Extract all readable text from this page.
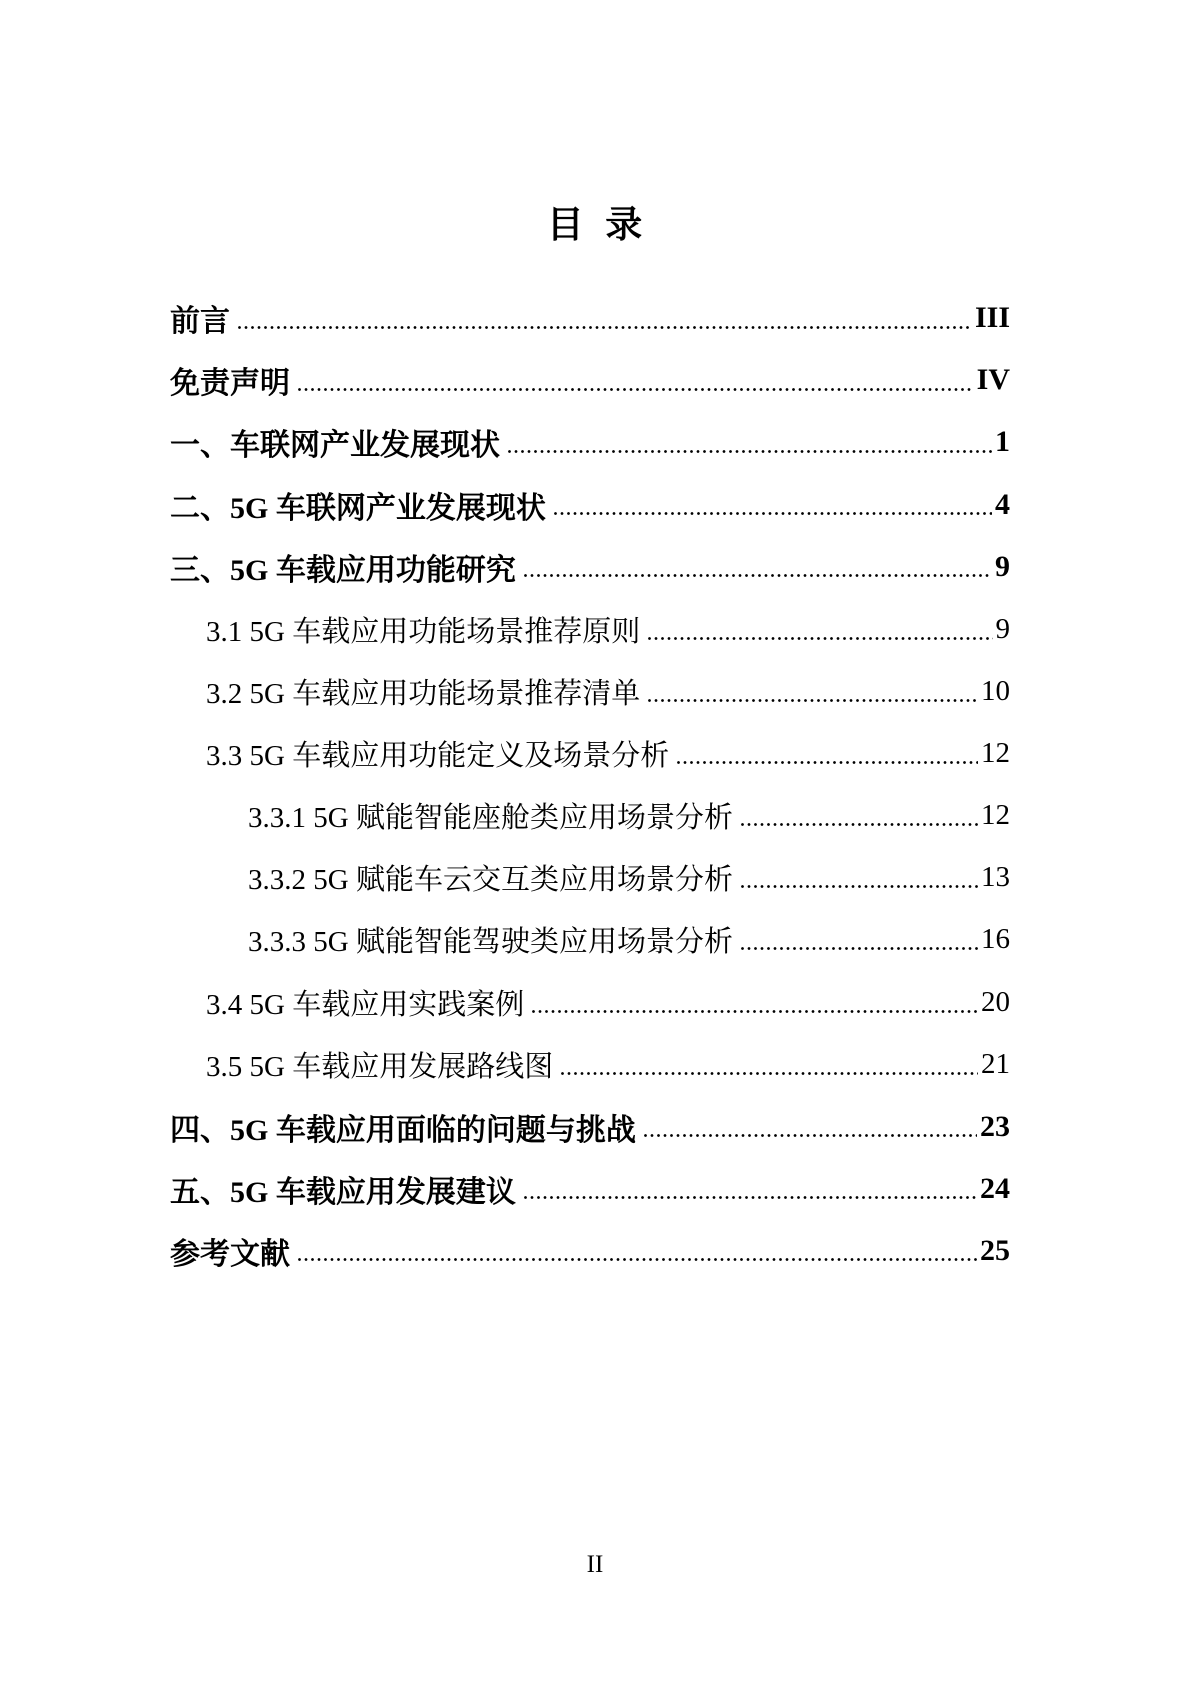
目  录
前言	III
免责声明	IV
一、车联网产业发展现状	1
二、5G 车联网产业发展现状	4
三、5G 车载应用功能研究	9
3.1 5G 车载应用功能场景推荐原则	9
3.2 5G 车载应用功能场景推荐清单	10
3.3 5G 车载应用功能定义及场景分析	12
3.3.1 5G 赋能智能座舱类应用场景分析	12
3.3.2 5G 赋能车云交互类应用场景分析	13
3.3.3 5G 赋能智能驾驶类应用场景分析	16
3.4 5G 车载应用实践案例	20
3.5 5G 车载应用发展路线图	21
四、5G 车载应用面临的问题与挑战	23
五、5G 车载应用发展建议	24
参考文献	25
II
